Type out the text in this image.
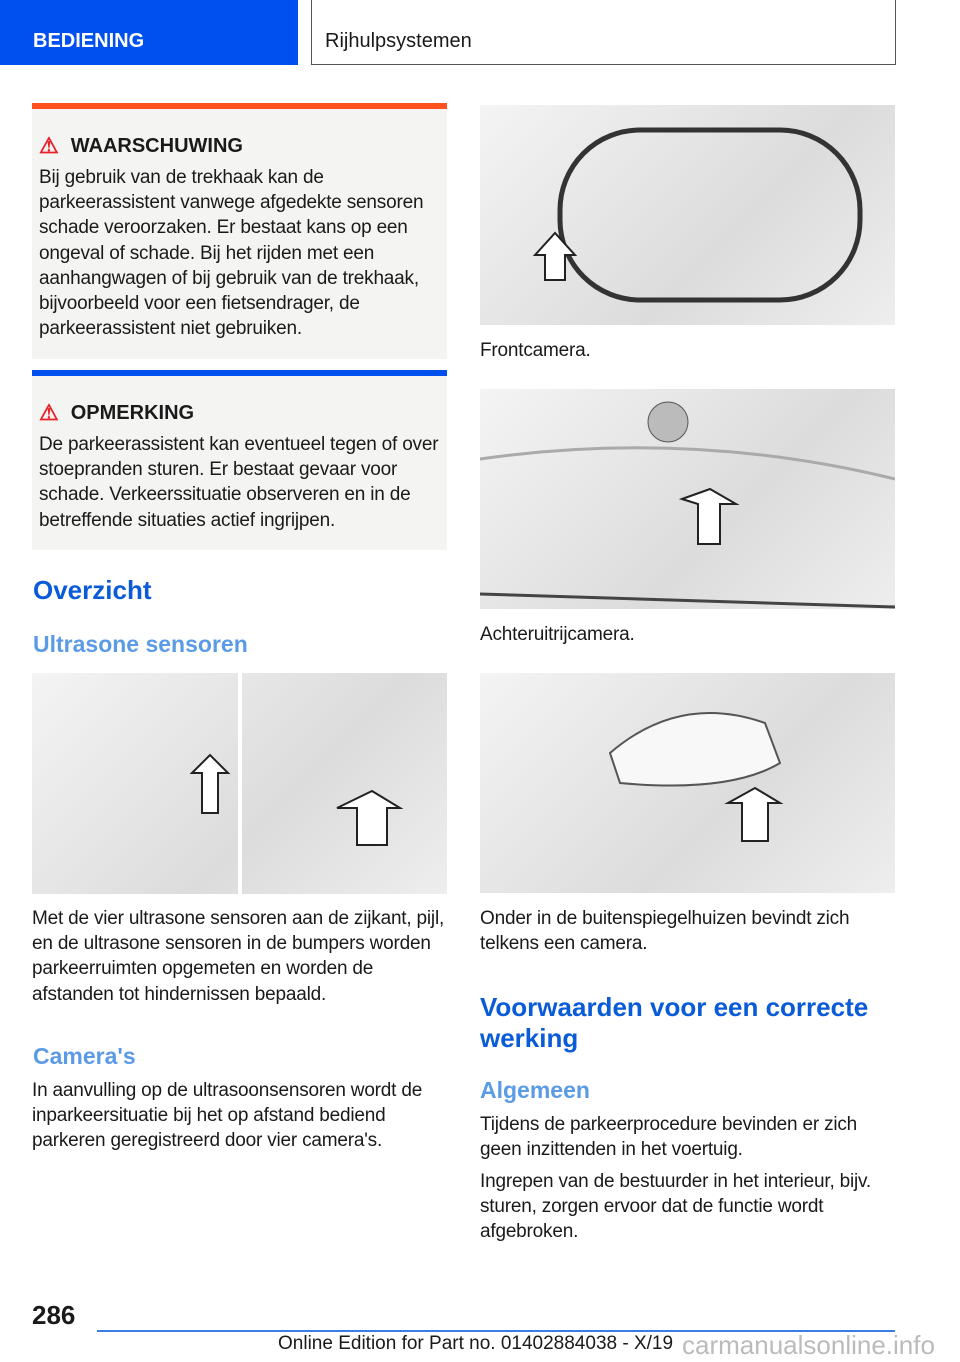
BEDIENING	Rijhulpsystemen
⚠ WAARSCHUWING
Bij gebruik van de trekhaak kan de parkeerassistent vanwege afgedekte sensoren schade veroorzaken. Er bestaat kans op een ongeval of schade. Bij het rijden met een aanhangwagen of bij gebruik van de trekhaak, bijvoorbeeld voor een fietsendrager, de parkeerassistent niet gebruiken.
⚠ OPMERKING
De parkeerassistent kan eventueel tegen of over stoepranden sturen. Er bestaat gevaar voor schade. Verkeerssituatie observeren en in de betreffende situaties actief ingrijpen.
Overzicht
Ultrasone sensoren
Met de vier ultrasone sensoren aan de zijkant, pijl, en de ultrasone sensoren in de bumpers worden parkeerruimten opgemeten en worden de afstanden tot hindernissen bepaald.
Camera's
In aanvulling op de ultrasoonsensoren wordt de inparkeersituatie bij het op afstand bediend parkeren geregistreerd door vier camera's.
Frontcamera.
Achteruitrijcamera.
Onder in de buitenspiegelhuizen bevindt zich telkens een camera.
Voorwaarden voor een correcte werking
Algemeen
Tijdens de parkeerprocedure bevinden er zich geen inzittenden in het voertuig.
Ingrepen van de bestuurder in het interieur, bijv. sturen, zorgen ervoor dat de functie wordt afgebroken.
286
Online Edition for Part no. 01402884038 - X/19 carmanualsonline.info
